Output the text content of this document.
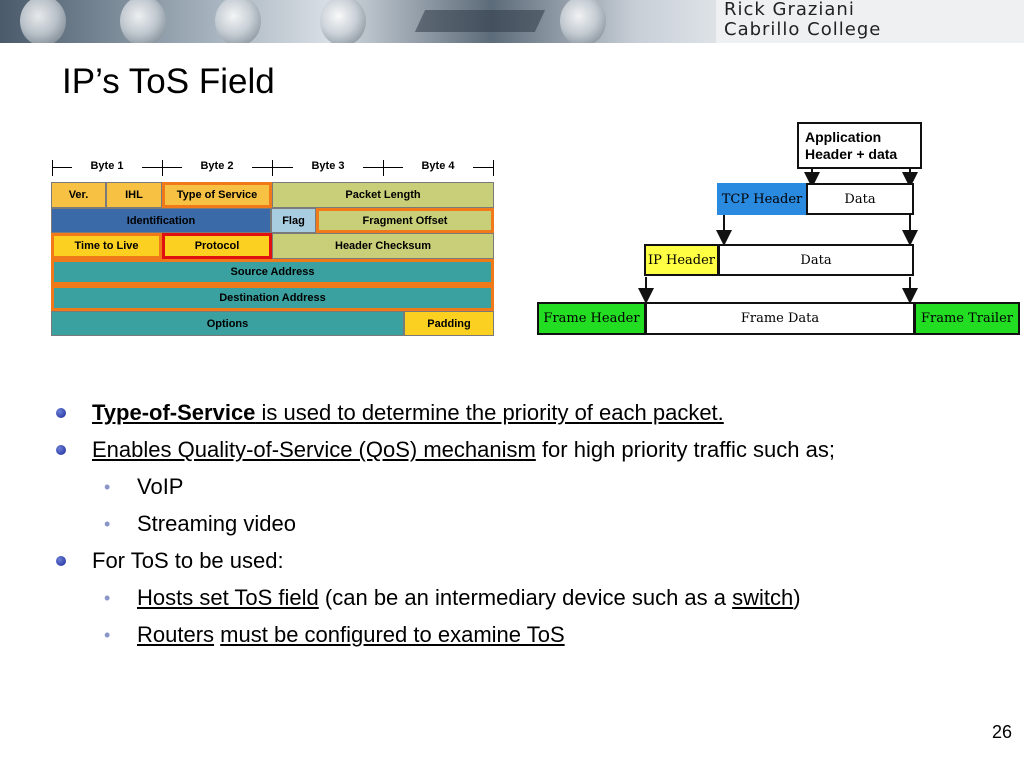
Rick Graziani
Cabrillo College
IP’s ToS Field
Byte 1	Byte 2	Byte 3	Byte 4
Ver.	IHL	Type of Service	Packet Length
Identification	Flag	Fragment Offset
Time to Live	Protocol	Header Checksum
Source Address
Destination Address
Options	Padding
Application Header + data
TCP Header	Data
IP Header	Data
Frame Header	Frame Data	Frame Trailer
Type-of-Service is used to determine the priority of each packet.
Enables Quality-of-Service (QoS) mechanism for high priority traffic such as;
• VoIP
• Streaming video
For ToS to be used:
• Hosts set ToS field (can be an intermediary device such as a switch)
• Routers must be configured to examine ToS
26
